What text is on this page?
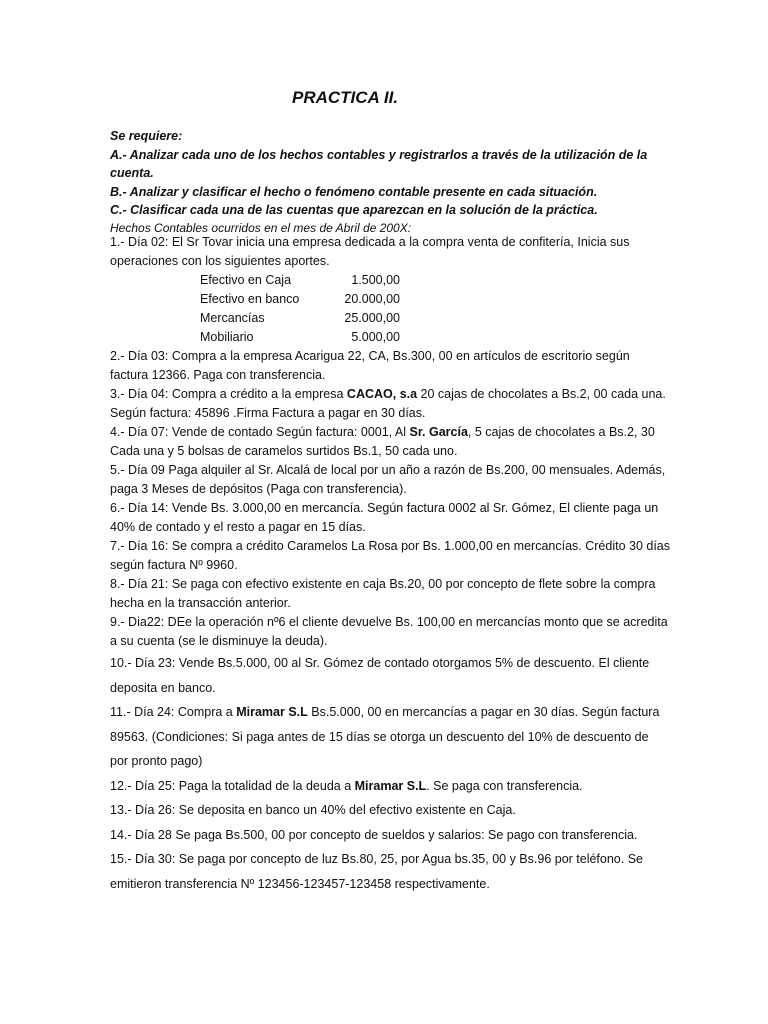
PRACTICA II.

Se requiere:

A.- Analizar cada uno de los hechos contables y registrarlos a través de la utilización de la cuenta.

B.- Analizar y clasificar el hecho o fenómeno contable presente en cada situación.

C.- Clasificar cada una de las cuentas que aparezcan en la solución de la práctica.

Hechos Contables ocurridos en el mes de Abril de 200X:

1.- Día 02: El Sr Tovar inicia una empresa dedicada a la compra venta de confitería, Inicia sus operaciones con los siguientes aportes.

Efectivo en Caja	1.500,00
Efectivo en banco	20.000,00
Mercancías	25.000,00
Mobiliario	5.000,00

2.- Día 03: Compra a la empresa Acarigua 22, CA, Bs.300, 00 en artículos de escritorio según factura 12366. Paga con transferencia.

3.- Día 04: Compra a crédito a la empresa CACAO, s.a 20 cajas de chocolates a Bs.2, 00 cada una. Según factura: 45896 .Firma Factura a pagar en 30 días.

4.- Día 07: Vende de contado Según factura: 0001, Al Sr. García, 5 cajas de chocolates a Bs.2, 30 Cada una y 5 bolsas de caramelos surtidos Bs.1, 50 cada uno.

5.- Día 09 Paga alquiler al Sr. Alcalá de local por un año a razón de Bs.200, 00 mensuales. Además, paga 3 Meses de depósitos (Paga con transferencia).

6.- Día 14: Vende Bs. 3.000,00 en mercancía. Según factura 0002 al Sr. Gómez, El cliente paga un 40% de contado y el resto a pagar en 15 días.

7.- Día 16: Se compra a crédito Caramelos La Rosa por Bs. 1.000,00 en mercancías. Crédito 30 días según factura Nº 9960.

8.- Día 21: Se paga con efectivo existente en caja Bs.20, 00 por concepto de flete sobre la compra hecha en la transacción anterior.

9.- Dia22: DEe la operación nº6 el cliente devuelve Bs. 100,00 en mercancías monto que se acredita a su cuenta (se le disminuye la deuda).

10.- Día 23: Vende Bs.5.000, 00 al Sr. Gómez de contado otorgamos 5% de descuento. El cliente deposita en banco.

11.- Día 24: Compra a Miramar S.L Bs.5.000, 00 en mercancías a pagar en 30 días. Según factura 89563. (Condiciones: Si paga antes de 15 días se otorga un descuento del 10% de descuento de por pronto pago)

12.- Día 25: Paga la totalidad de la deuda a Miramar S.L. Se paga con transferencia.

13.- Día 26: Se deposita en banco un 40% del efectivo existente en Caja.

14.- Día 28 Se paga Bs.500, 00 por concepto de sueldos y salarios: Se pago con transferencia.

15.- Día 30: Se paga por concepto de luz Bs.80, 25, por Agua bs.35, 00 y Bs.96 por teléfono. Se emitieron transferencia Nº 123456-123457-123458 respectivamente.
